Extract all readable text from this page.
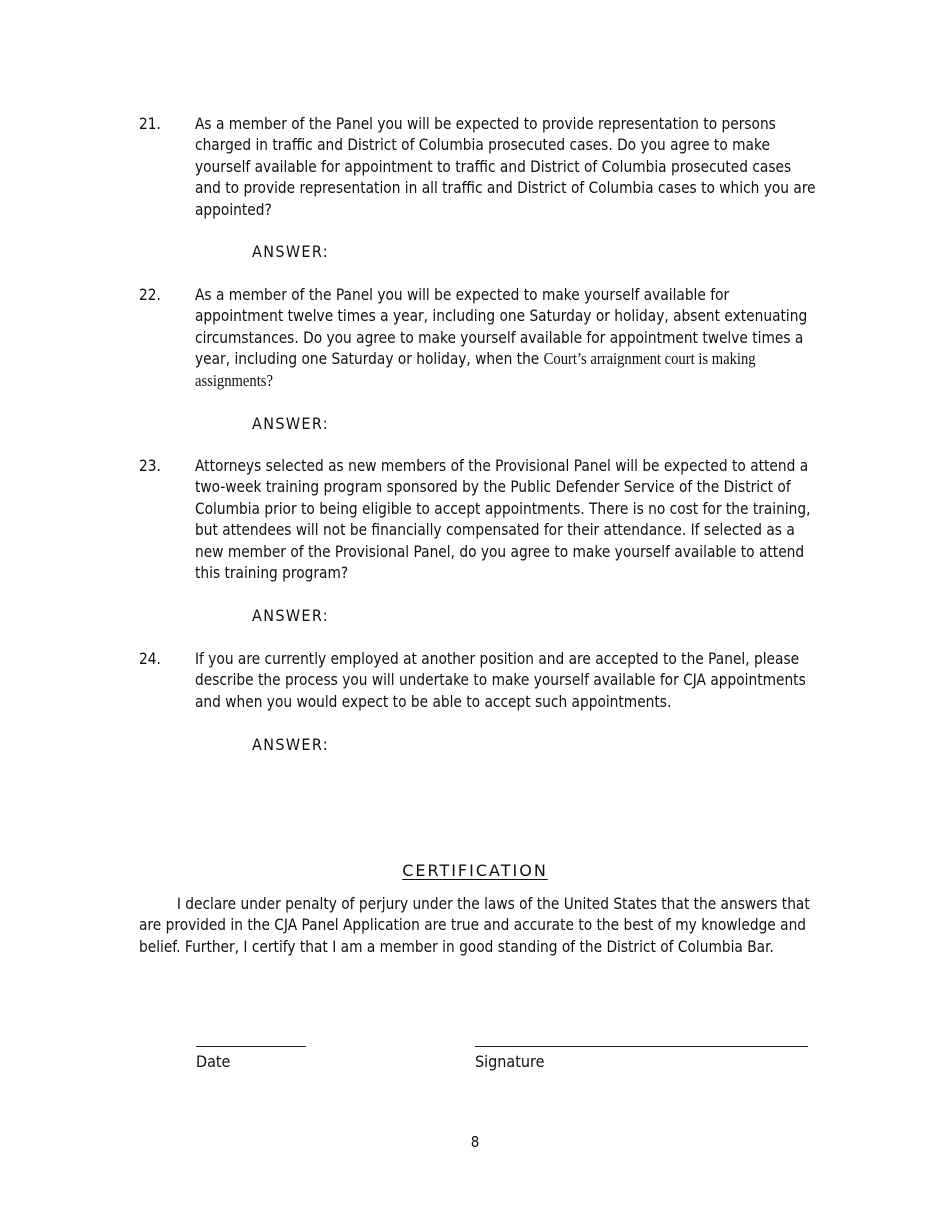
21. As a member of the Panel you will be expected to provide representation to persons charged in traffic and District of Columbia prosecuted cases. Do you agree to make yourself available for appointment to traffic and District of Columbia prosecuted cases and to provide representation in all traffic and District of Columbia cases to which you are appointed?

ANSWER:
22. As a member of the Panel you will be expected to make yourself available for appointment twelve times a year, including one Saturday or holiday, absent extenuating circumstances. Do you agree to make yourself available for appointment twelve times a year, including one Saturday or holiday, when the Court’s arraignment court is making assignments?

ANSWER:
23. Attorneys selected as new members of the Provisional Panel will be expected to attend a two-week training program sponsored by the Public Defender Service of the District of Columbia prior to being eligible to accept appointments. There is no cost for the training, but attendees will not be financially compensated for their attendance. If selected as a new member of the Provisional Panel, do you agree to make yourself available to attend this training program?

ANSWER:
24. If you are currently employed at another position and are accepted to the Panel, please describe the process you will undertake to make yourself available for CJA appointments and when you would expect to be able to accept such appointments.

ANSWER:
CERTIFICATION

I declare under penalty of perjury under the laws of the United States that the answers that are provided in the CJA Panel Application are true and accurate to the best of my knowledge and belief. Further, I certify that I am a member in good standing of the District of Columbia Bar.

Date	Signature
8
